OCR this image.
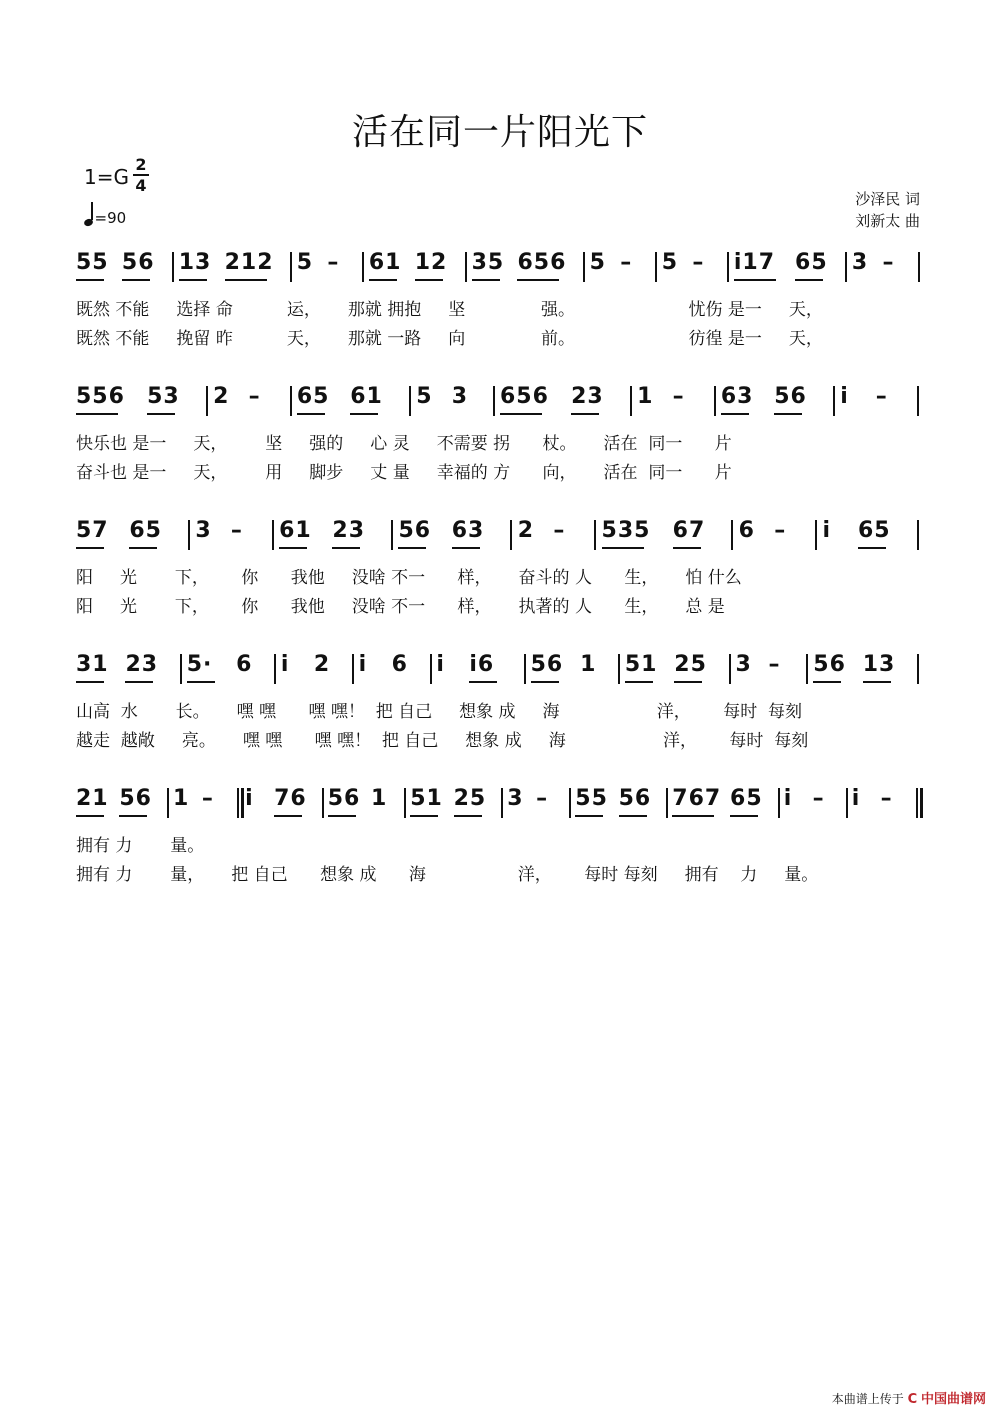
活在同一片阳光下
1=G
2
4
=90
沙泽民 词
刘新太 曲
55 56 13 212 5 – 61 12 35 656 5 – 5 – i17 65 3 –
既然 不能     选择 命          运，     那就 拥抱     坚              强。                     忧伤 是一     天，
既然 不能     挽留 昨          天，     那就 一路     向              前。                     彷徨 是一     天，
556 53 2 – 65 61 5 3 656 23 1 – 63 56 i –
快乐也 是一     天，       坚     强的     心 灵     不需要 拐      杖。     活在  同一      片
奋斗也 是一     天，       用     脚步     丈 量     幸福的 方      向，     活在  同一      片
57 65 3 – 61 23 56 63 2 – 535 67 6 – i 65
阳     光       下，      你      我他     没啥 不一      样，     奋斗的 人      生，     怕 什么
阳     光       下，      你      我他     没啥 不一      样，     执著的 人      生，     总 是
31 23 5· 6 i 2 i 6 i i6 56 1 51 25 3 – 56 13
山高  水       长。     嘿 嘿      嘿 嘿！  把 自己     想象 成     海                  洋，      每时  每刻
越走  越敞     亮。     嘿 嘿      嘿 嘿！  把 自己     想象 成     海                  洋，      每时  每刻
21 56 1 – i 76 56 1 51 25 3 – 55 56 767 65 i – i –
拥有 力       量。
拥有 力       量，     把 自己      想象 成      海                 洋，      每时 每刻     拥有    力     量。
本曲谱上传于 C 中国曲谱网
